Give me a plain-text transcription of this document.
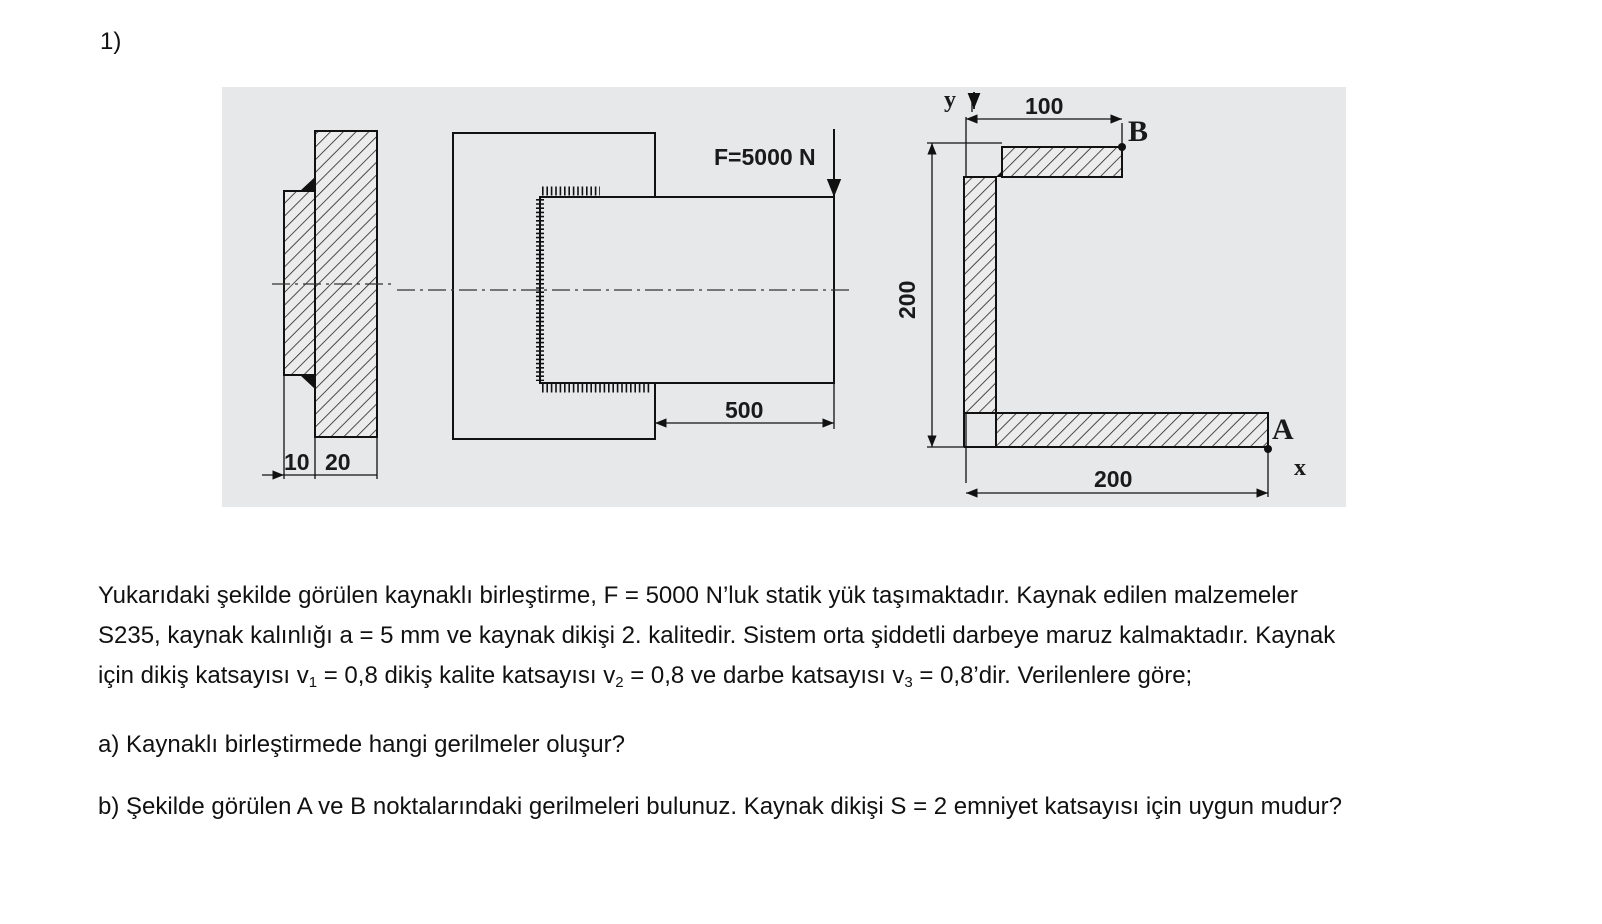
1)
10 20
F=5000 N
500
y	100
B
200
A
200	x

Yukarıdaki şekilde görülen kaynaklı birleştirme, F = 5000 N’luk statik yük taşımaktadır. Kaynak edilen malzemeler
S235, kaynak kalınlığı a = 5 mm ve kaynak dikişi 2. kalitedir. Sistem orta şiddetli darbeye maruz kalmaktadır. Kaynak
için dikiş katsayısı $v_1 = 0,8$ dikiş kalite katsayısı $v_2 = 0,8$ ve darbe katsayısı $v_3$ = 0,8’dir. Verilenlere göre;

a) Kaynaklı birleştirmede hangi gerilmeler oluşur?

b) Şekilde görülen A ve B noktalarındaki gerilmeleri bulunuz. Kaynak dikişi S = 2 emniyet katsayısı için uygun mudur?
